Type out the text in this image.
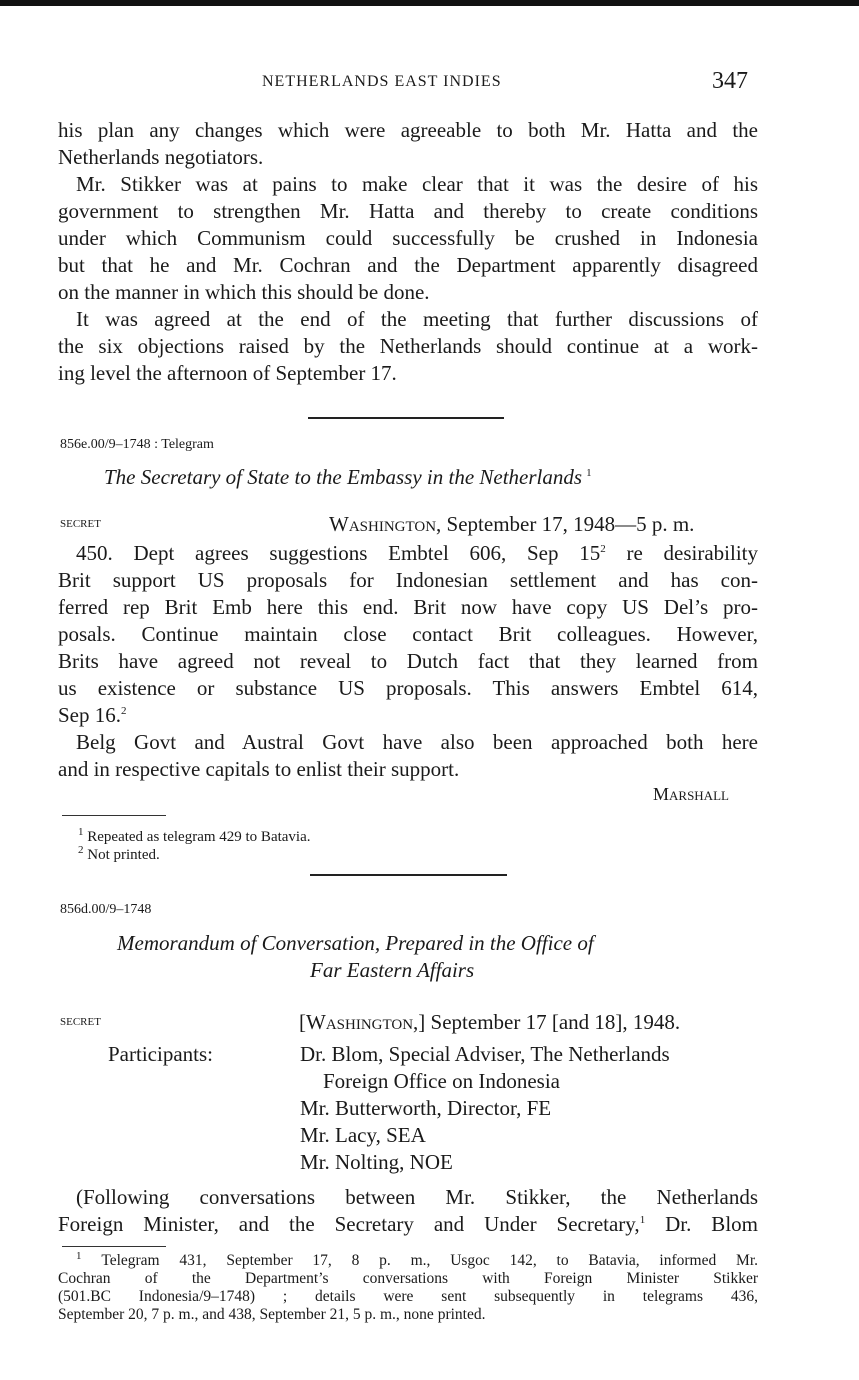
NETHERLANDS EAST INDIES	347
his plan any changes which were agreeable to both Mr. Hatta and the
Netherlands negotiators.
Mr. Stikker was at pains to make clear that it was the desire of his
government to strengthen Mr. Hatta and thereby to create conditions
under which Communism could successfully be crushed in Indonesia
but that he and Mr. Cochran and the Department apparently disagreed
on the manner in which this should be done.
It was agreed at the end of the meeting that further discussions of
the six objections raised by the Netherlands should continue at a work-
ing level the afternoon of September 17.
856e.00/9–1748 : Telegram
The Secretary of State to the Embassy in the Netherlands $^1$
secret	Washington, September 17, 1948—5 p. m.
450. Dept agrees suggestions Embtel 606, Sep $15^2$ re desirability
Brit support US proposals for Indonesian settlement and has con-
ferred rep Brit Emb here this end. Brit now have copy US Del’s pro-
posals. Continue maintain close contact Brit colleagues. However,
Brits have agreed not reveal to Dutch fact that they learned from
us existence or substance US proposals. This answers Embtel 614,
Sep 16.$^2$
Belg Govt and Austral Govt have also been approached both here
and in respective capitals to enlist their support.
Marshall
$^1$ Repeated as telegram 429 to Batavia.
$^2$ Not printed.
856d.00/9–1748
Memorandum of Conversation, Prepared in the Office of
Far Eastern Affairs
secret	[Washington,] September 17 [and 18], 1948.
Participants:	Dr. Blom, Special Adviser, The Netherlands
Foreign Office on Indonesia
Mr. Butterworth, Director, FE
Mr. Lacy, SEA
Mr. Nolting, NOE
(Following conversations between Mr. Stikker, the Netherlands
Foreign Minister, and the Secretary and Under Secretary,$^1$ Dr. Blom
$^1$ Telegram 431, September 17, 8 p. m., Usgoc 142, to Batavia, informed Mr.
Cochran of the Department’s conversations with Foreign Minister Stikker
(501.BC Indonesia/9–1748) ; details were sent subsequently in telegrams 436,
September 20, 7 p. m., and 438, September 21, 5 p. m., none printed.
